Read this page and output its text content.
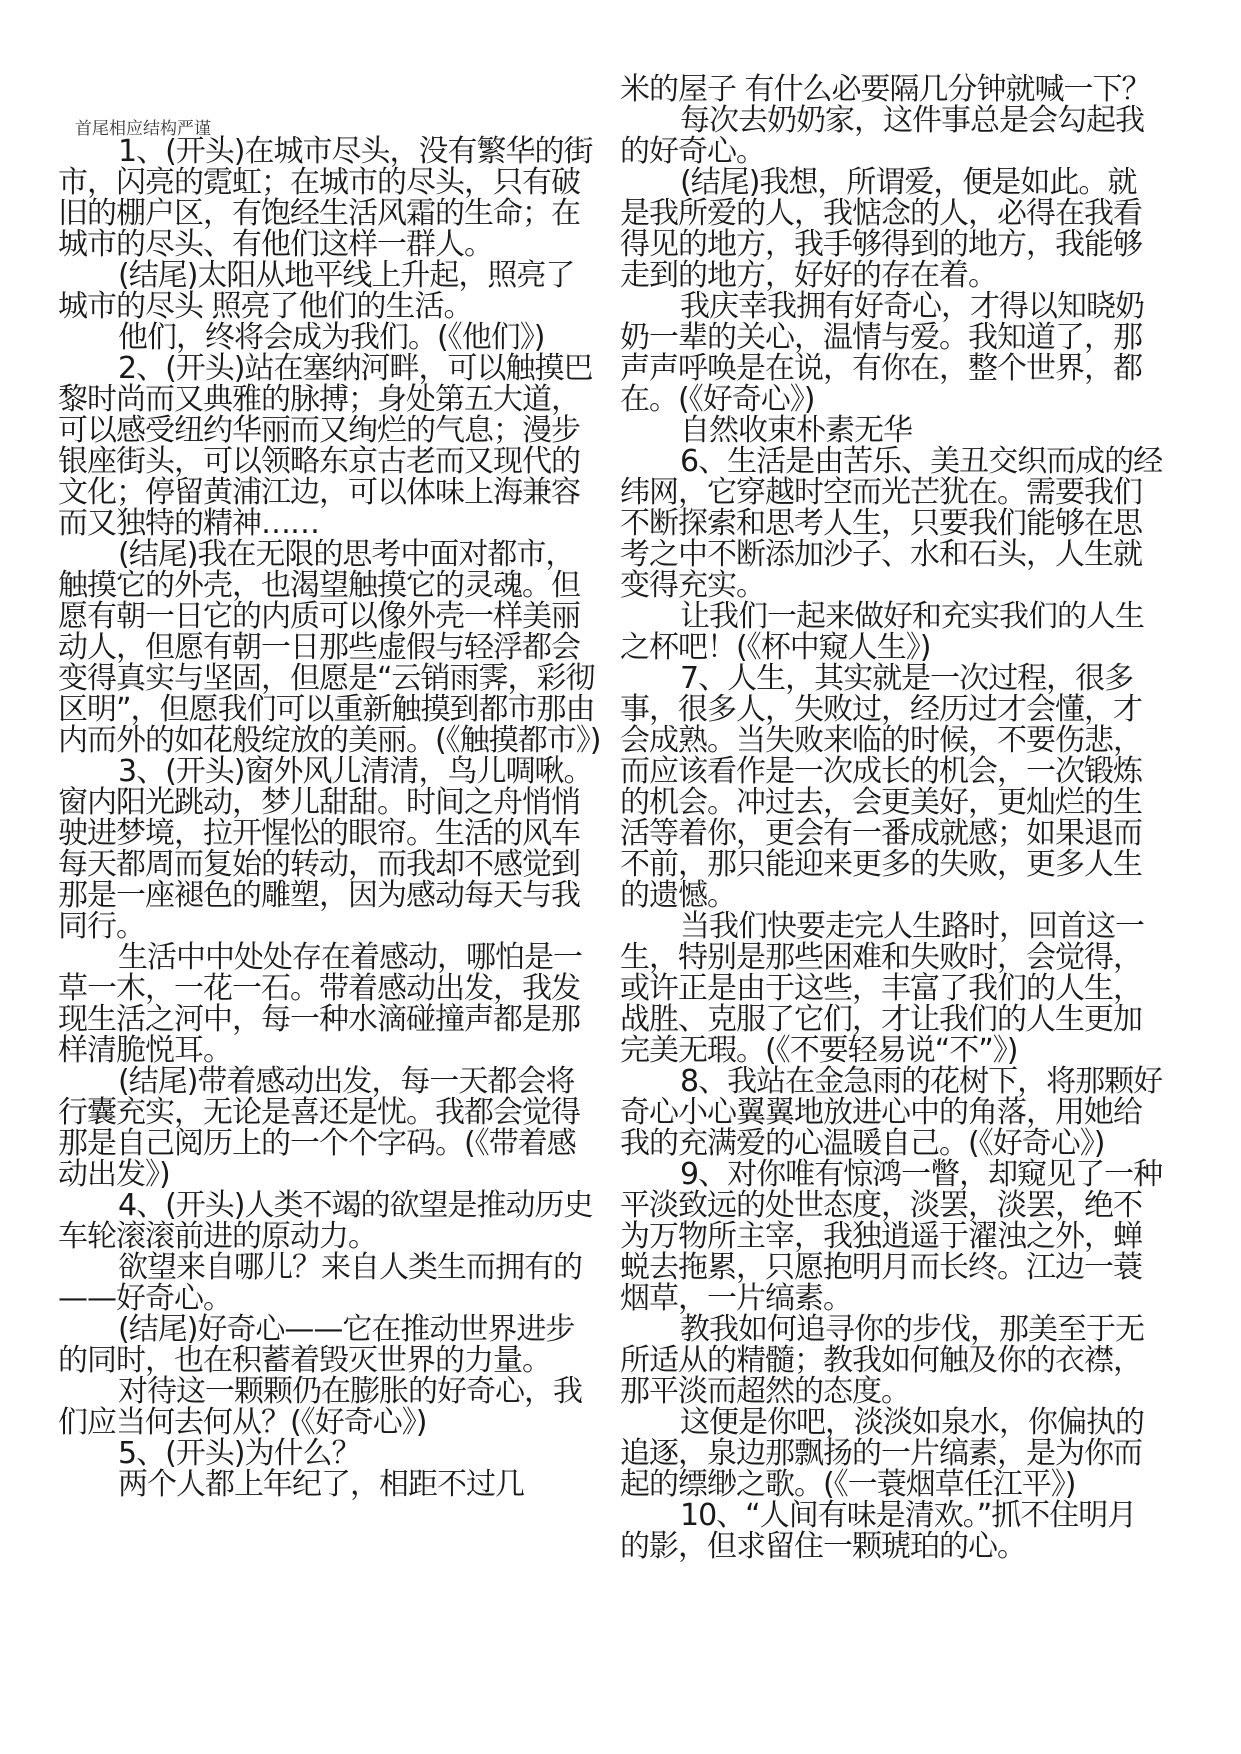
首尾相应结构严谨

1、(开头)在城市尽头，没有繁华的街市，闪亮的霓虹；在城市的尽头，只有破旧的棚户区，有饱经生活风霜的生命；在城市的尽头、有他们这样一群人。

(结尾)太阳从地平线上升起，照亮了城市的尽头 照亮了他们的生活。

他们，终将会成为我们。(《他们》)

2、(开头)站在塞纳河畔，可以触摸巴黎时尚而又典雅的脉搏；身处第五大道，可以感受纽约华丽而又绚烂的气息；漫步银座街头，可以领略东京古老而又现代的文化；停留黄浦江边，可以体味上海兼容而又独特的精神……

(结尾)我在无限的思考中面对都市，触摸它的外壳，也渴望触摸它的灵魂。但愿有朝一日它的内质可以像外壳一样美丽动人，但愿有朝一日那些虚假与轻浮都会变得真实与坚固，但愿是“云销雨霁，彩彻区明”，但愿我们可以重新触摸到都市那由内而外的如花般绽放的美丽。(《触摸都市》)

3、(开头)窗外风儿清清，鸟儿啁啾。窗内阳光跳动，梦儿甜甜。时间之舟悄悄驶进梦境，拉开惺忪的眼帘。生活的风车每天都周而复始的转动，而我却不感觉到那是一座褪色的雕塑，因为感动每天与我同行。

生活中中处处存在着感动，哪怕是一草一木，一花一石。带着感动出发，我发现生活之河中，每一种水滴碰撞声都是那样清脆悦耳。

(结尾)带着感动出发，每一天都会将行囊充实，无论是喜还是忧。我都会觉得那是自己阅历上的一个个字码。(《带着感动出发》)

4、(开头)人类不竭的欲望是推动历史车轮滚滚前进的原动力。

欲望来自哪儿？来自人类生而拥有的——好奇心。

(结尾)好奇心——它在推动世界进步的同时，也在积蓄着毁灭世界的力量。

对待这一颗颗仍在膨胀的好奇心，我们应当何去何从？(《好奇心》)

5、(开头)为什么？

两个人都上年纪了，相距不过几

米的屋子 有什么必要隔几分钟就喊一下？

每次去奶奶家，这件事总是会勾起我的好奇心。

(结尾)我想，所谓爱，便是如此。就是我所爱的人，我惦念的人，必得在我看得见的地方，我手够得到的地方，我能够走到的地方，好好的存在着。

我庆幸我拥有好奇心，才得以知晓奶奶一辈的关心，温情与爱。我知道了，那声声呼唤是在说，有你在，整个世界，都在。(《好奇心》)

自然收束朴素无华

6、生活是由苦乐、美丑交织而成的经纬网，它穿越时空而光芒犹在。需要我们不断探索和思考人生，只要我们能够在思考之中不断添加沙子、水和石头，人生就变得充实。

让我们一起来做好和充实我们的人生之杯吧！(《杯中窥人生》)

7、人生，其实就是一次过程，很多事，很多人，失败过，经历过才会懂，才会成熟。当失败来临的时候，不要伤悲，而应该看作是一次成长的机会，一次锻炼的机会。冲过去，会更美好，更灿烂的生活等着你，更会有一番成就感；如果退而不前，那只能迎来更多的失败，更多人生的遗憾。

当我们快要走完人生路时，回首这一生，特别是那些困难和失败时，会觉得，或许正是由于这些，丰富了我们的人生，战胜、克服了它们，才让我们的人生更加完美无瑕。(《不要轻易说“不”》)

8、我站在金急雨的花树下，将那颗好奇心小心翼翼地放进心中的角落，用她给我的充满爱的心温暖自己。(《好奇心》)

9、对你唯有惊鸿一瞥，却窥见了一种平淡致远的处世态度，淡罢，淡罢，绝不为万物所主宰，我独逍遥于濯浊之外，蝉蜕去拖累，只愿抱明月而长终。江边一蓑烟草，一片缟素。

教我如何追寻你的步伐，那美至于无所适从的精髓；教我如何触及你的衣襟，那平淡而超然的态度。

这便是你吧，淡淡如泉水，你偏执的追逐，泉边那飘扬的一片缟素，是为你而起的缥缈之歌。(《一蓑烟草任江平》)

10、“人间有味是清欢。”抓不住明月的影，但求留住一颗琥珀的心。
